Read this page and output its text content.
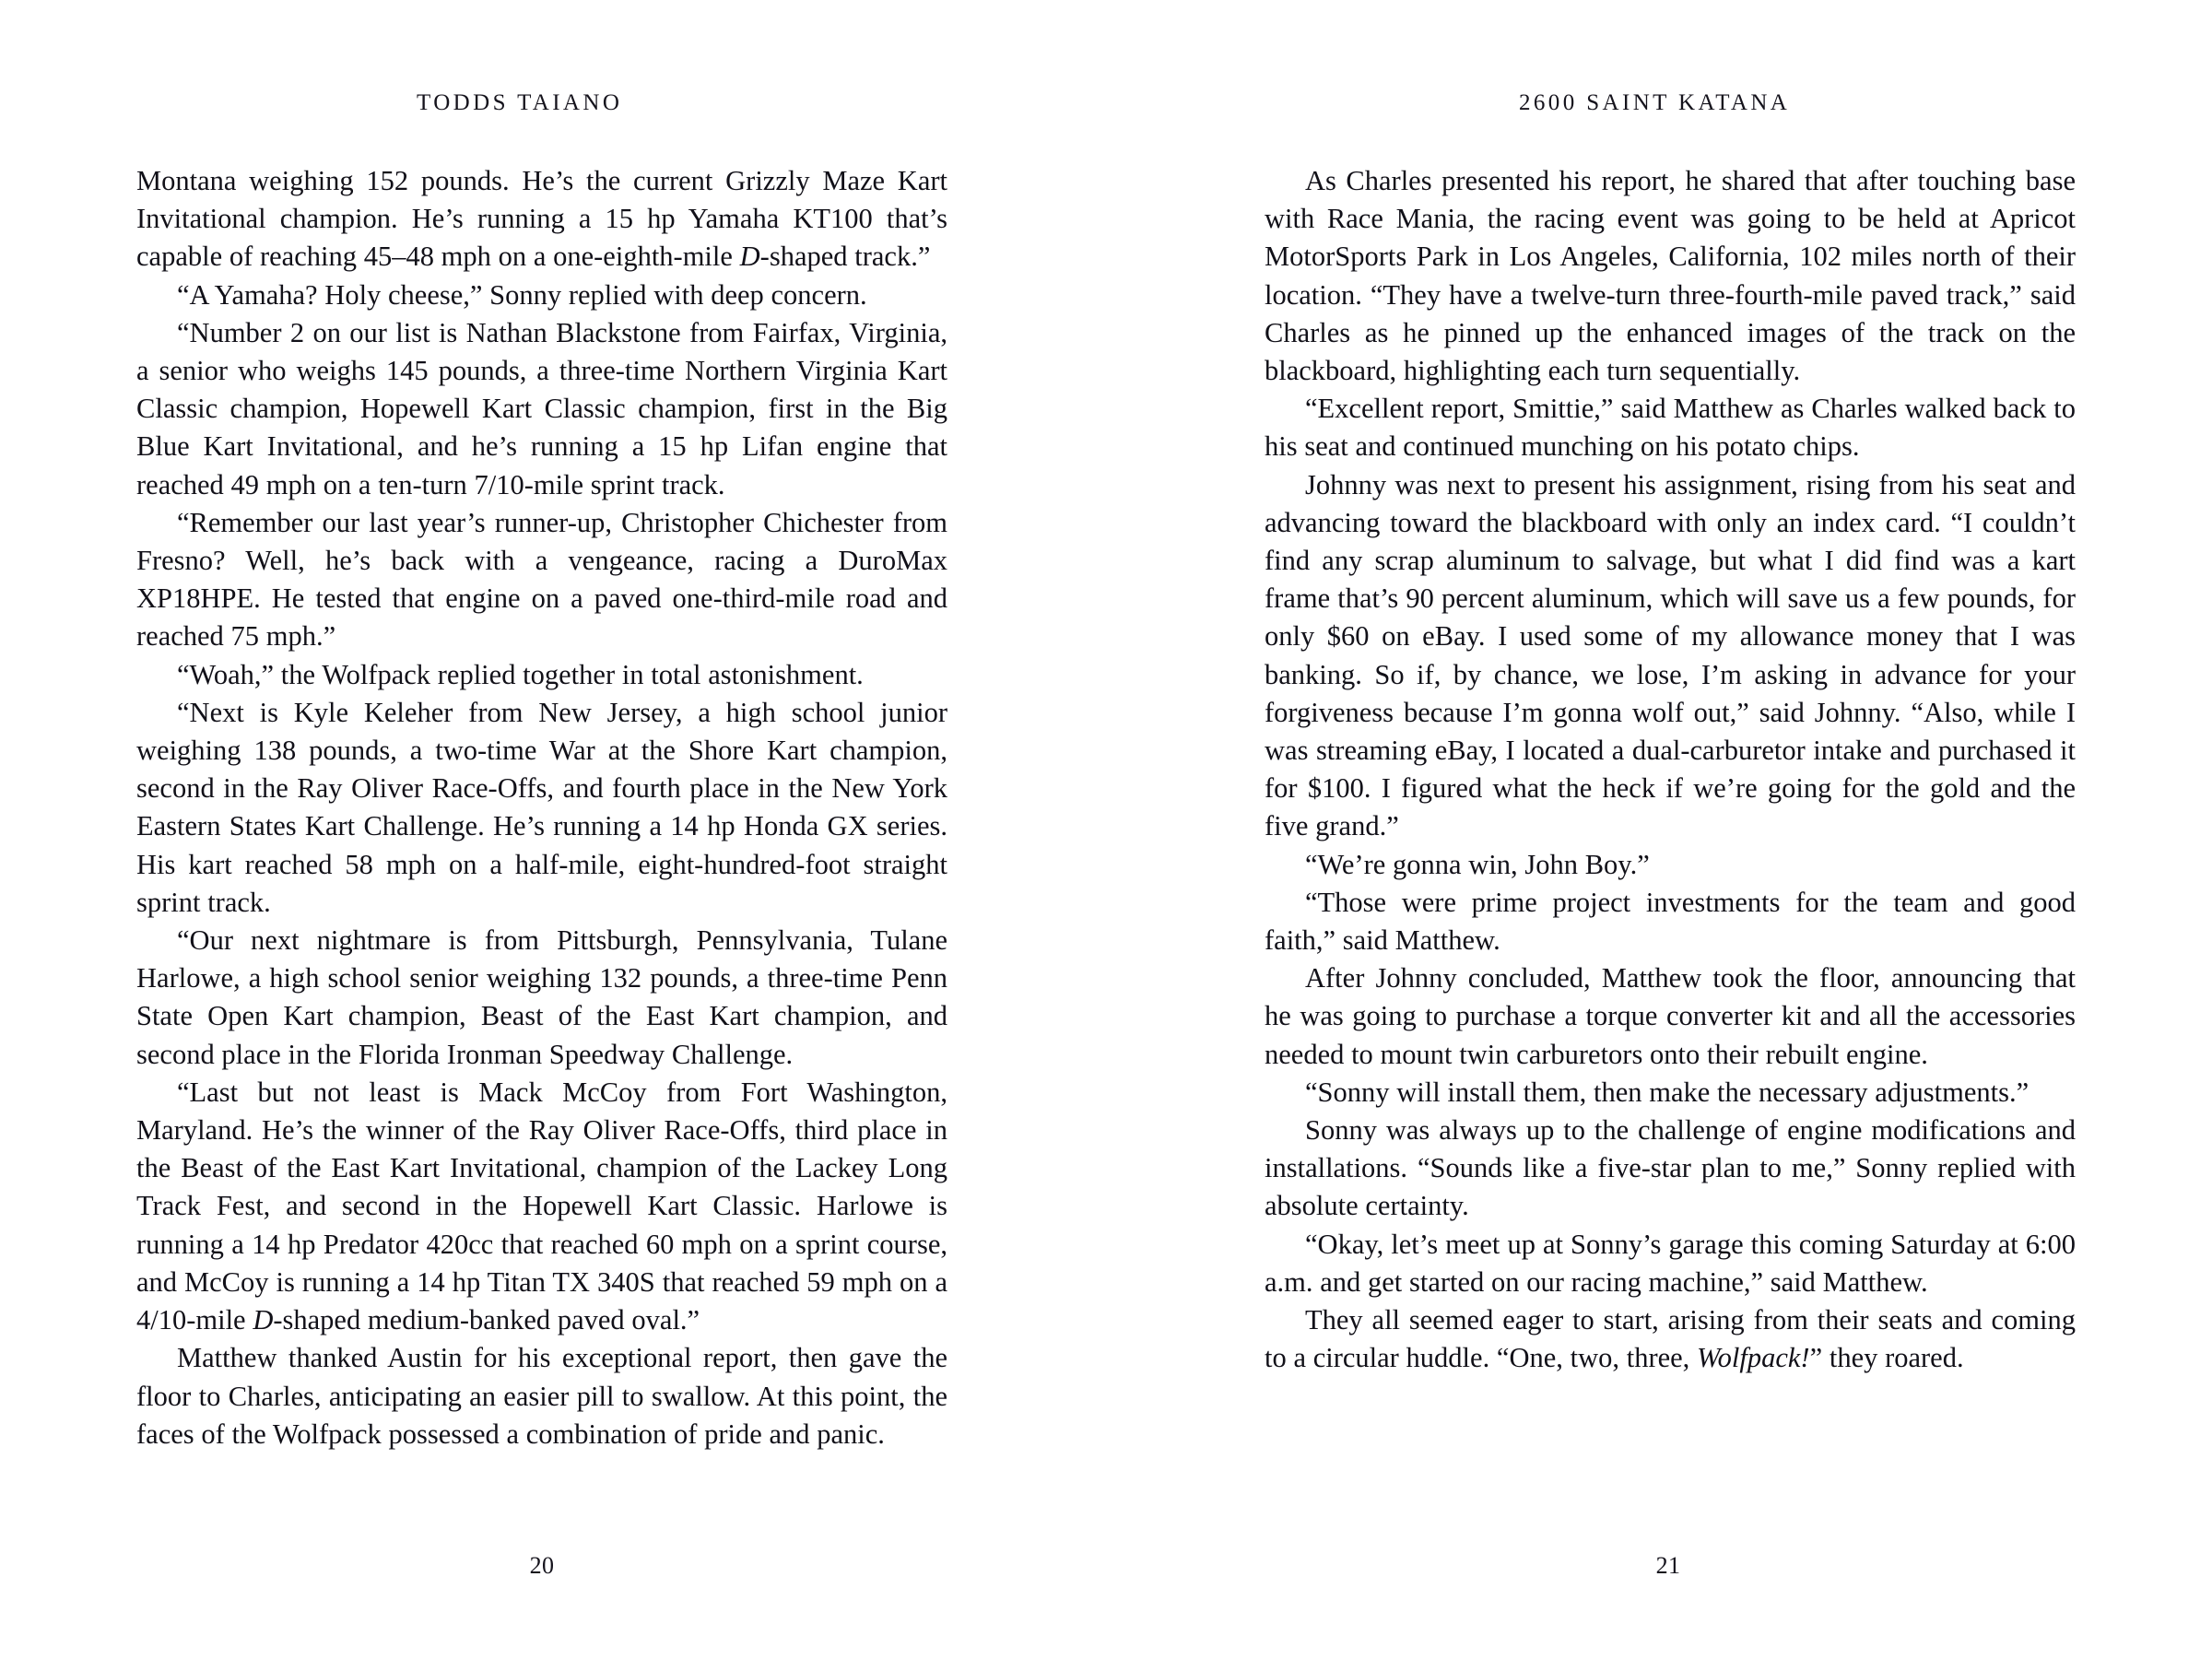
TODDS TAIANO	2600 SAINT KATANA

Montana weighing 152 pounds. He’s the current Grizzly Maze Kart Invitational champion. He’s running a 15 hp Yamaha KT100 that’s capable of reaching 45–48 mph on a one-eighth-mile D-shaped track.”

“A Yamaha? Holy cheese,” Sonny replied with deep concern.

“Number 2 on our list is Nathan Blackstone from Fairfax, Virginia, a senior who weighs 145 pounds, a three-time Northern Virginia Kart Classic champion, Hopewell Kart Classic champion, first in the Big Blue Kart Invitational, and he’s running a 15 hp Lifan engine that reached 49 mph on a ten-turn 7/10-mile sprint track.

“Remember our last year’s runner-up, Christopher Chichester from Fresno? Well, he’s back with a vengeance, racing a DuroMax XP18HPE. He tested that engine on a paved one-third-mile road and reached 75 mph.”

“Woah,” the Wolfpack replied together in total astonishment.

“Next is Kyle Keleher from New Jersey, a high school junior weighing 138 pounds, a two-time War at the Shore Kart champion, second in the Ray Oliver Race-Offs, and fourth place in the New York Eastern States Kart Challenge. He’s running a 14 hp Honda GX series. His kart reached 58 mph on a half-mile, eight-hundred-foot straight sprint track.

“Our next nightmare is from Pittsburgh, Pennsylvania, Tulane Harlowe, a high school senior weighing 132 pounds, a three-time Penn State Open Kart champion, Beast of the East Kart champion, and second place in the Florida Ironman Speedway Challenge.

“Last but not least is Mack McCoy from Fort Washington, Maryland. He’s the winner of the Ray Oliver Race-Offs, third place in the Beast of the East Kart Invitational, champion of the Lackey Long Track Fest, and second in the Hopewell Kart Classic. Harlowe is running a 14 hp Predator 420cc that reached 60 mph on a sprint course, and McCoy is running a 14 hp Titan TX 340S that reached 59 mph on a 4/10-mile D-shaped medium-banked paved oval.”

Matthew thanked Austin for his exceptional report, then gave the floor to Charles, anticipating an easier pill to swallow. At this point, the faces of the Wolfpack possessed a combination of pride and panic.

As Charles presented his report, he shared that after touching base with Race Mania, the racing event was going to be held at Apricot MotorSports Park in Los Angeles, California, 102 miles north of their location. “They have a twelve-turn three-fourth-mile paved track,” said Charles as he pinned up the enhanced images of the track on the blackboard, highlighting each turn sequentially.

“Excellent report, Smittie,” said Matthew as Charles walked back to his seat and continued munching on his potato chips.

Johnny was next to present his assignment, rising from his seat and advancing toward the blackboard with only an index card. “I couldn’t find any scrap aluminum to salvage, but what I did find was a kart frame that’s 90 percent aluminum, which will save us a few pounds, for only $60 on eBay. I used some of my allowance money that I was banking. So if, by chance, we lose, I’m asking in advance for your forgiveness because I’m gonna wolf out,” said Johnny. “Also, while I was streaming eBay, I located a dual-carburetor intake and purchased it for $100. I figured what the heck if we’re going for the gold and the five grand.”

“We’re gonna win, John Boy.”

“Those were prime project investments for the team and good faith,” said Matthew.

After Johnny concluded, Matthew took the floor, announcing that he was going to purchase a torque converter kit and all the accessories needed to mount twin carburetors onto their rebuilt engine.

“Sonny will install them, then make the necessary adjustments.”

Sonny was always up to the challenge of engine modifications and installations. “Sounds like a five-star plan to me,” Sonny replied with absolute certainty.

“Okay, let’s meet up at Sonny’s garage this coming Saturday at 6:00 a.m. and get started on our racing machine,” said Matthew.

They all seemed eager to start, arising from their seats and coming to a circular huddle. “One, two, three, Wolfpack!” they roared.

20	21
